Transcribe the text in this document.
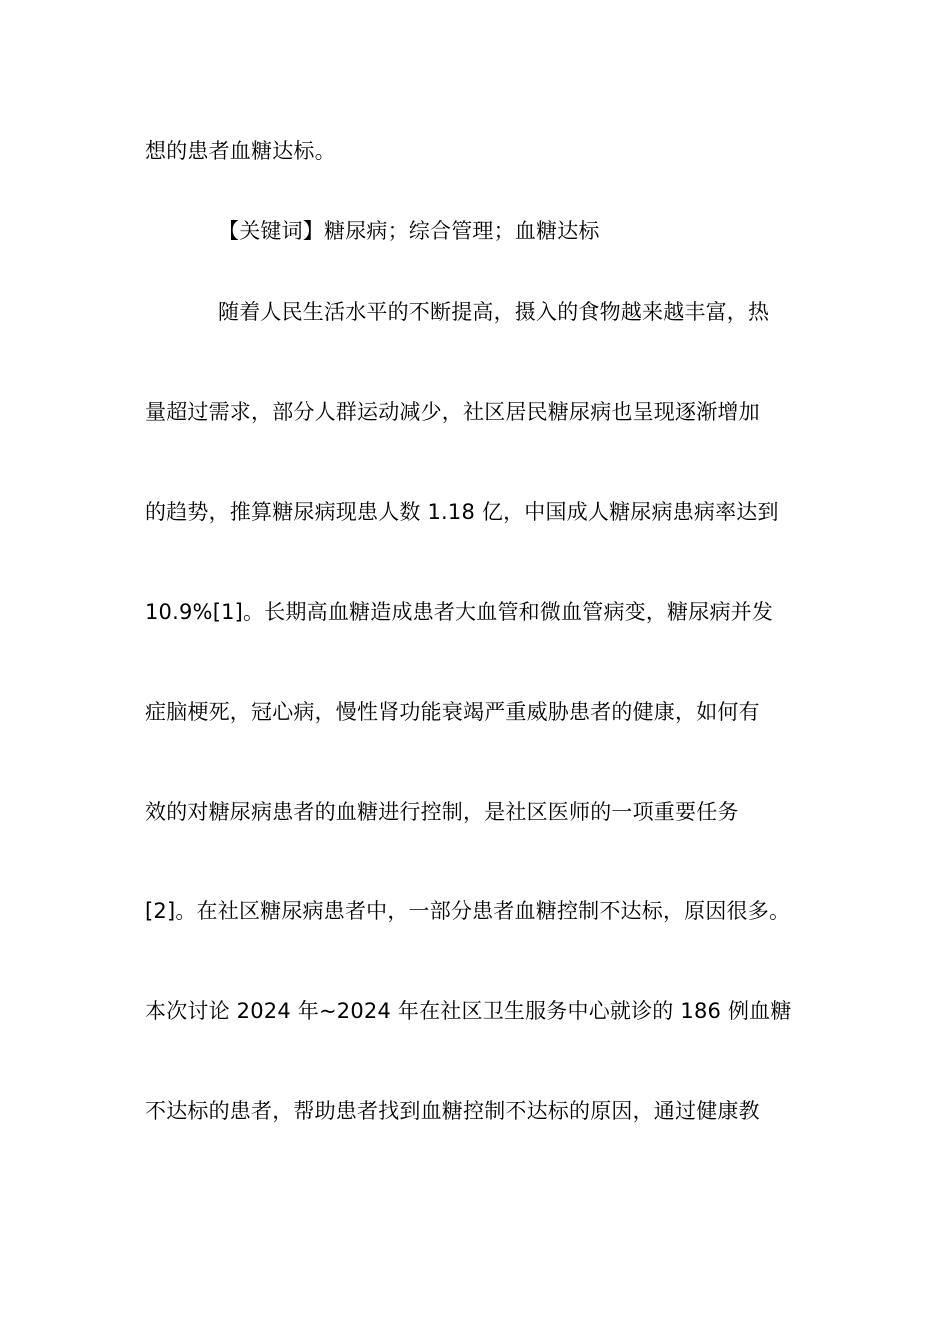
想的患者血糖达标。
【关键词】糖尿病；综合管理；血糖达标
随着人民生活水平的不断提高，摄入的食物越来越丰富，热
量超过需求，部分人群运动减少，社区居民糖尿病也呈现逐渐增加
的趋势，推算糖尿病现患人数 1.18 亿，中国成人糖尿病患病率达到
10.9%[1]。长期高血糖造成患者大血管和微血管病变，糖尿病并发
症脑梗死，冠心病，慢性肾功能衰竭严重威胁患者的健康，如何有
效的对糖尿病患者的血糖进行控制，是社区医师的一项重要任务
[2]。在社区糖尿病患者中，一部分患者血糖控制不达标，原因很多。
本次讨论 2024 年~2024 年在社区卫生服务中心就诊的 186 例血糖
不达标的患者，帮助患者找到血糖控制不达标的原因，通过健康教
